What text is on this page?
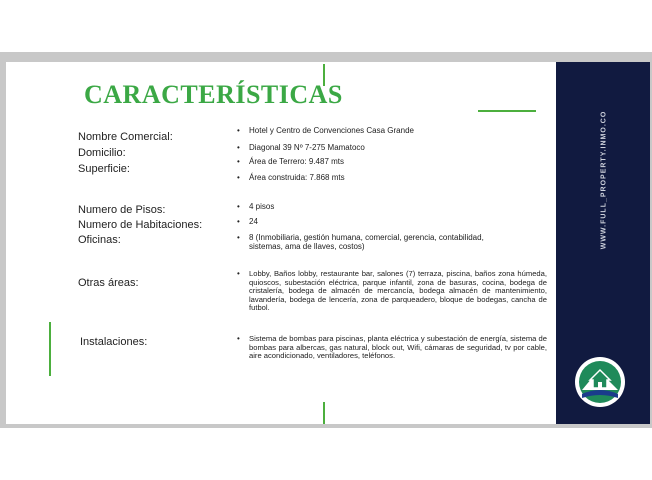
CARACTERÍSTICAS
Nombre Comercial:
Domicilio:
Superficie:
Numero de Pisos:
Numero de Habitaciones:
Oficinas:
Otras áreas:
Instalaciones:
• Hotel y Centro de Convenciones Casa Grande
• Diagonal 39 Nº 7-275 Mamatoco
• Área de Terrero: 9.487 mts
• Área construida: 7.868 mts
• 4 pisos
• 24
• 8 (Inmobiliaria, gestión humana, comercial, gerencia, contabilidad,
sistemas, ama de llaves, costos)
• Lobby, Baños lobby, restaurante bar, salones (7) terraza, piscina, baños zona húmeda, quioscos, subestación eléctrica, parque infantil, zona de basuras, cocina, bodega de cristalería, bodega de almacén de mercancía, bodega almacén de mantenimiento, lavandería, bodega de lencería, zona de parqueadero, bloque de bodegas, cancha de futbol.
• Sistema de bombas para piscinas, planta eléctrica y subestación de energía, sistema de bombas para albercas, gas natural, block out, Wifi, cámaras de seguridad, tv por cable, aire acondicionado, ventiladores, teléfonos.
WWW.FULL_PROPERTY.INMO.CO
